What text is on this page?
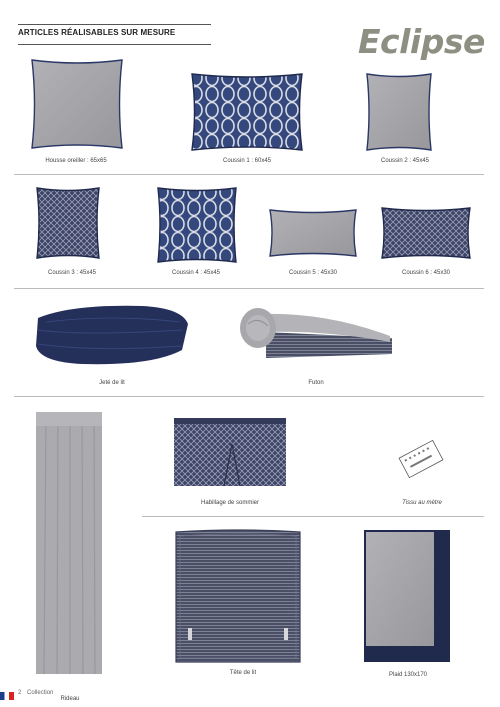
ARTICLES RÉALISABLES SUR MESURE	Eclipse
Housse oreiller : 65x65	Coussin 1 : 60x45	Coussin 2 : 45x45
Coussin 3 : 45x45	Coussin 4 : 45x45	Coussin 5 : 45x30	Coussin 6 : 45x30
Jeté de lit	Futon
Rideau
Habillage de sommier	Tissu au mètre
Tête de lit	Plaid 130x170
2 Collection
